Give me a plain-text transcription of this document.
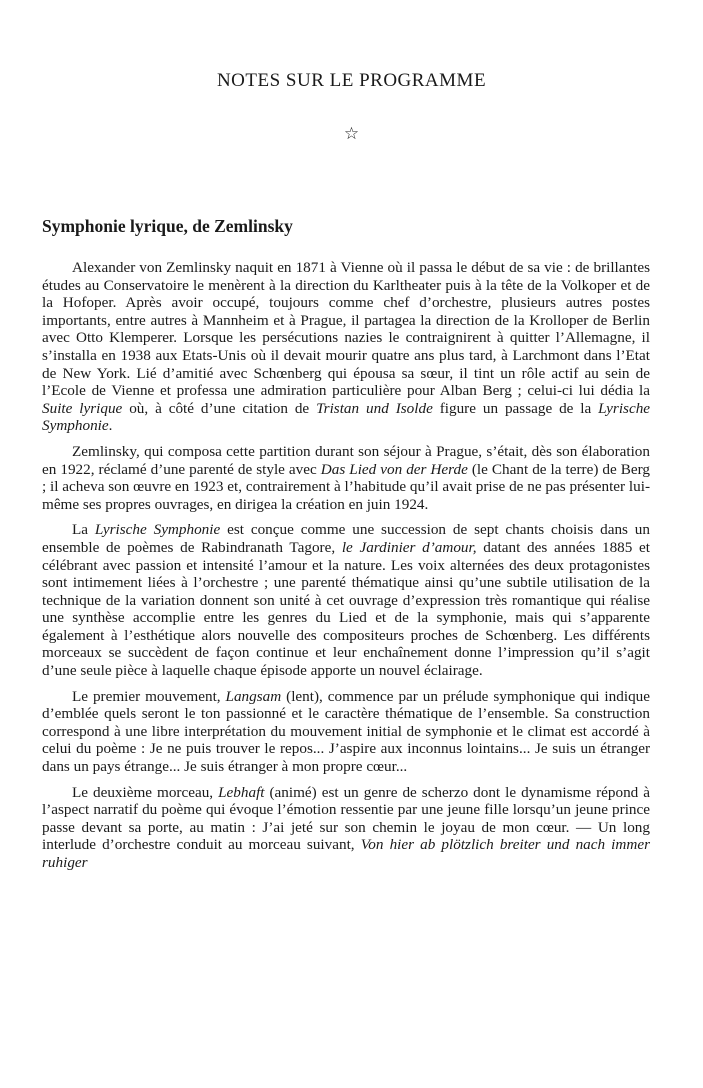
NOTES SUR LE PROGRAMME
☆
Symphonie lyrique, de Zemlinsky

Alexander von Zemlinsky naquit en 1871 à Vienne où il passa le début de sa vie : de brillantes études au Conservatoire le menèrent à la direction du Karltheater puis à la tête de la Volkoper et de la Hofoper. Après avoir occupé, toujours comme chef d’orchestre, plusieurs autres postes importants, entre autres à Mannheim et à Prague, il partagea la direction de la Krolloper de Berlin avec Otto Klemperer. Lorsque les persécutions nazies le contraignirent à quitter l’Allemagne, il s’installa en 1938 aux Etats-Unis où il devait mourir quatre ans plus tard, à Larchmont dans l’Etat de New York. Lié d’amitié avec Schœnberg qui épousa sa sœur, il tint un rôle actif au sein de l’Ecole de Vienne et professa une admiration particulière pour Alban Berg ; celui-ci lui dédia la Suite lyrique où, à côté d’une citation de Tristan und Isolde figure un passage de la Lyrische Symphonie.

Zemlinsky, qui composa cette partition durant son séjour à Prague, s’était, dès son élaboration en 1922, réclamé d’une parenté de style avec Das Lied von der Herde (le Chant de la terre) de Berg ; il acheva son œuvre en 1923 et, contrairement à l’habitude qu’il avait prise de ne pas présenter lui-même ses propres ouvrages, en dirigea la création en juin 1924.

La Lyrische Symphonie est conçue comme une succession de sept chants choisis dans un ensemble de poèmes de Rabindranath Tagore, le Jardinier d’amour, datant des années 1885 et célébrant avec passion et intensité l’amour et la nature. Les voix alternées des deux protagonistes sont intimement liées à l’orchestre ; une parenté thématique ainsi qu’une subtile utilisation de la technique de la variation donnent son unité à cet ouvrage d’expression très romantique qui réalise une synthèse accomplie entre les genres du Lied et de la symphonie, mais qui s’apparente également à l’esthétique alors nouvelle des compositeurs proches de Schœnberg. Les différents morceaux se succèdent de façon continue et leur enchaînement donne l’impression qu’il s’agit d’une seule pièce à laquelle chaque épisode apporte un nouvel éclairage.

Le premier mouvement, Langsam (lent), commence par un prélude symphonique qui indique d’emblée quels seront le ton passionné et le caractère thématique de l’ensemble. Sa construction correspond à une libre interprétation du mouvement initial de symphonie et le climat est accordé à celui du poème : Je ne puis trouver le repos... J’aspire aux inconnus lointains... Je suis un étranger dans un pays étrange... Je suis étranger à mon propre cœur...

Le deuxième morceau, Lebhaft (animé) est un genre de scherzo dont le dynamisme répond à l’aspect narratif du poème qui évoque l’émotion ressentie par une jeune fille lorsqu’un jeune prince passe devant sa porte, au matin : J’ai jeté sur son chemin le joyau de mon cœur. — Un long interlude d’orchestre conduit au morceau suivant, Von hier ab plötzlich breiter und nach immer ruhiger
